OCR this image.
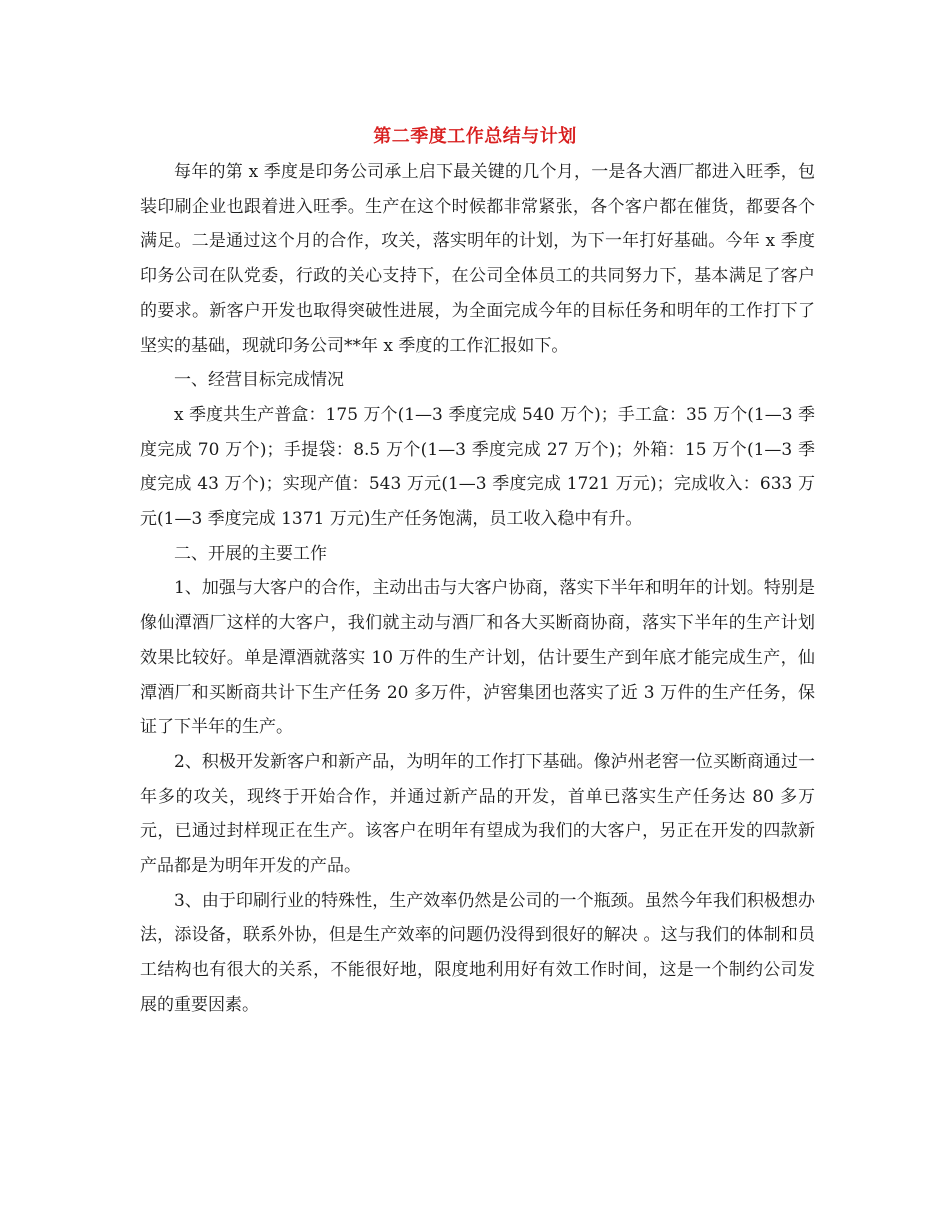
第二季度工作总结与计划

每年的第 x 季度是印务公司承上启下最关键的几个月，一是各大酒厂都进入旺季，包装印刷企业也跟着进入旺季。生产在这个时候都非常紧张，各个客户都在催货，都要各个满足。二是通过这个月的合作，攻关，落实明年的计划，为下一年打好基础。今年 x 季度印务公司在队党委，行政的关心支持下，在公司全体员工的共同努力下，基本满足了客户的要求。新客户开发也取得突破性进展，为全面完成今年的目标任务和明年的工作打下了坚实的基础，现就印务公司**年 x 季度的工作汇报如下。

一、经营目标完成情况

x 季度共生产普盒：175 万个(1—3 季度完成 540 万个)；手工盒：35 万个(1—3 季度完成 70 万个)；手提袋：8.5 万个(1—3 季度完成 27 万个)；外箱：15 万个(1—3 季度完成 43 万个)；实现产值：543 万元(1—3 季度完成 1721 万元)；完成收入：633 万元(1—3 季度完成 1371 万元)生产任务饱满，员工收入稳中有升。

二、开展的主要工作

1、加强与大客户的合作，主动出击与大客户协商，落实下半年和明年的计划。特别是像仙潭酒厂这样的大客户，我们就主动与酒厂和各大买断商协商，落实下半年的生产计划效果比较好。单是潭酒就落实 10 万件的生产计划，估计要生产到年底才能完成生产，仙潭酒厂和买断商共计下生产任务 20 多万件，泸窖集团也落实了近 3 万件的生产任务，保证了下半年的生产。

2、积极开发新客户和新产品，为明年的工作打下基础。像泸州老窖一位买断商通过一年多的攻关，现终于开始合作，并通过新产品的开发，首单已落实生产任务达 80 多万元，已通过封样现正在生产。该客户在明年有望成为我们的大客户，另正在开发的四款新产品都是为明年开发的产品。

3、由于印刷行业的特殊性，生产效率仍然是公司的一个瓶颈。虽然今年我们积极想办法，添设备，联系外协，但是生产效率的问题仍没得到很好的解决 。这与我们的体制和员工结构也有很大的关系，不能很好地，限度地利用好有效工作时间，这是一个制约公司发展的重要因素。
